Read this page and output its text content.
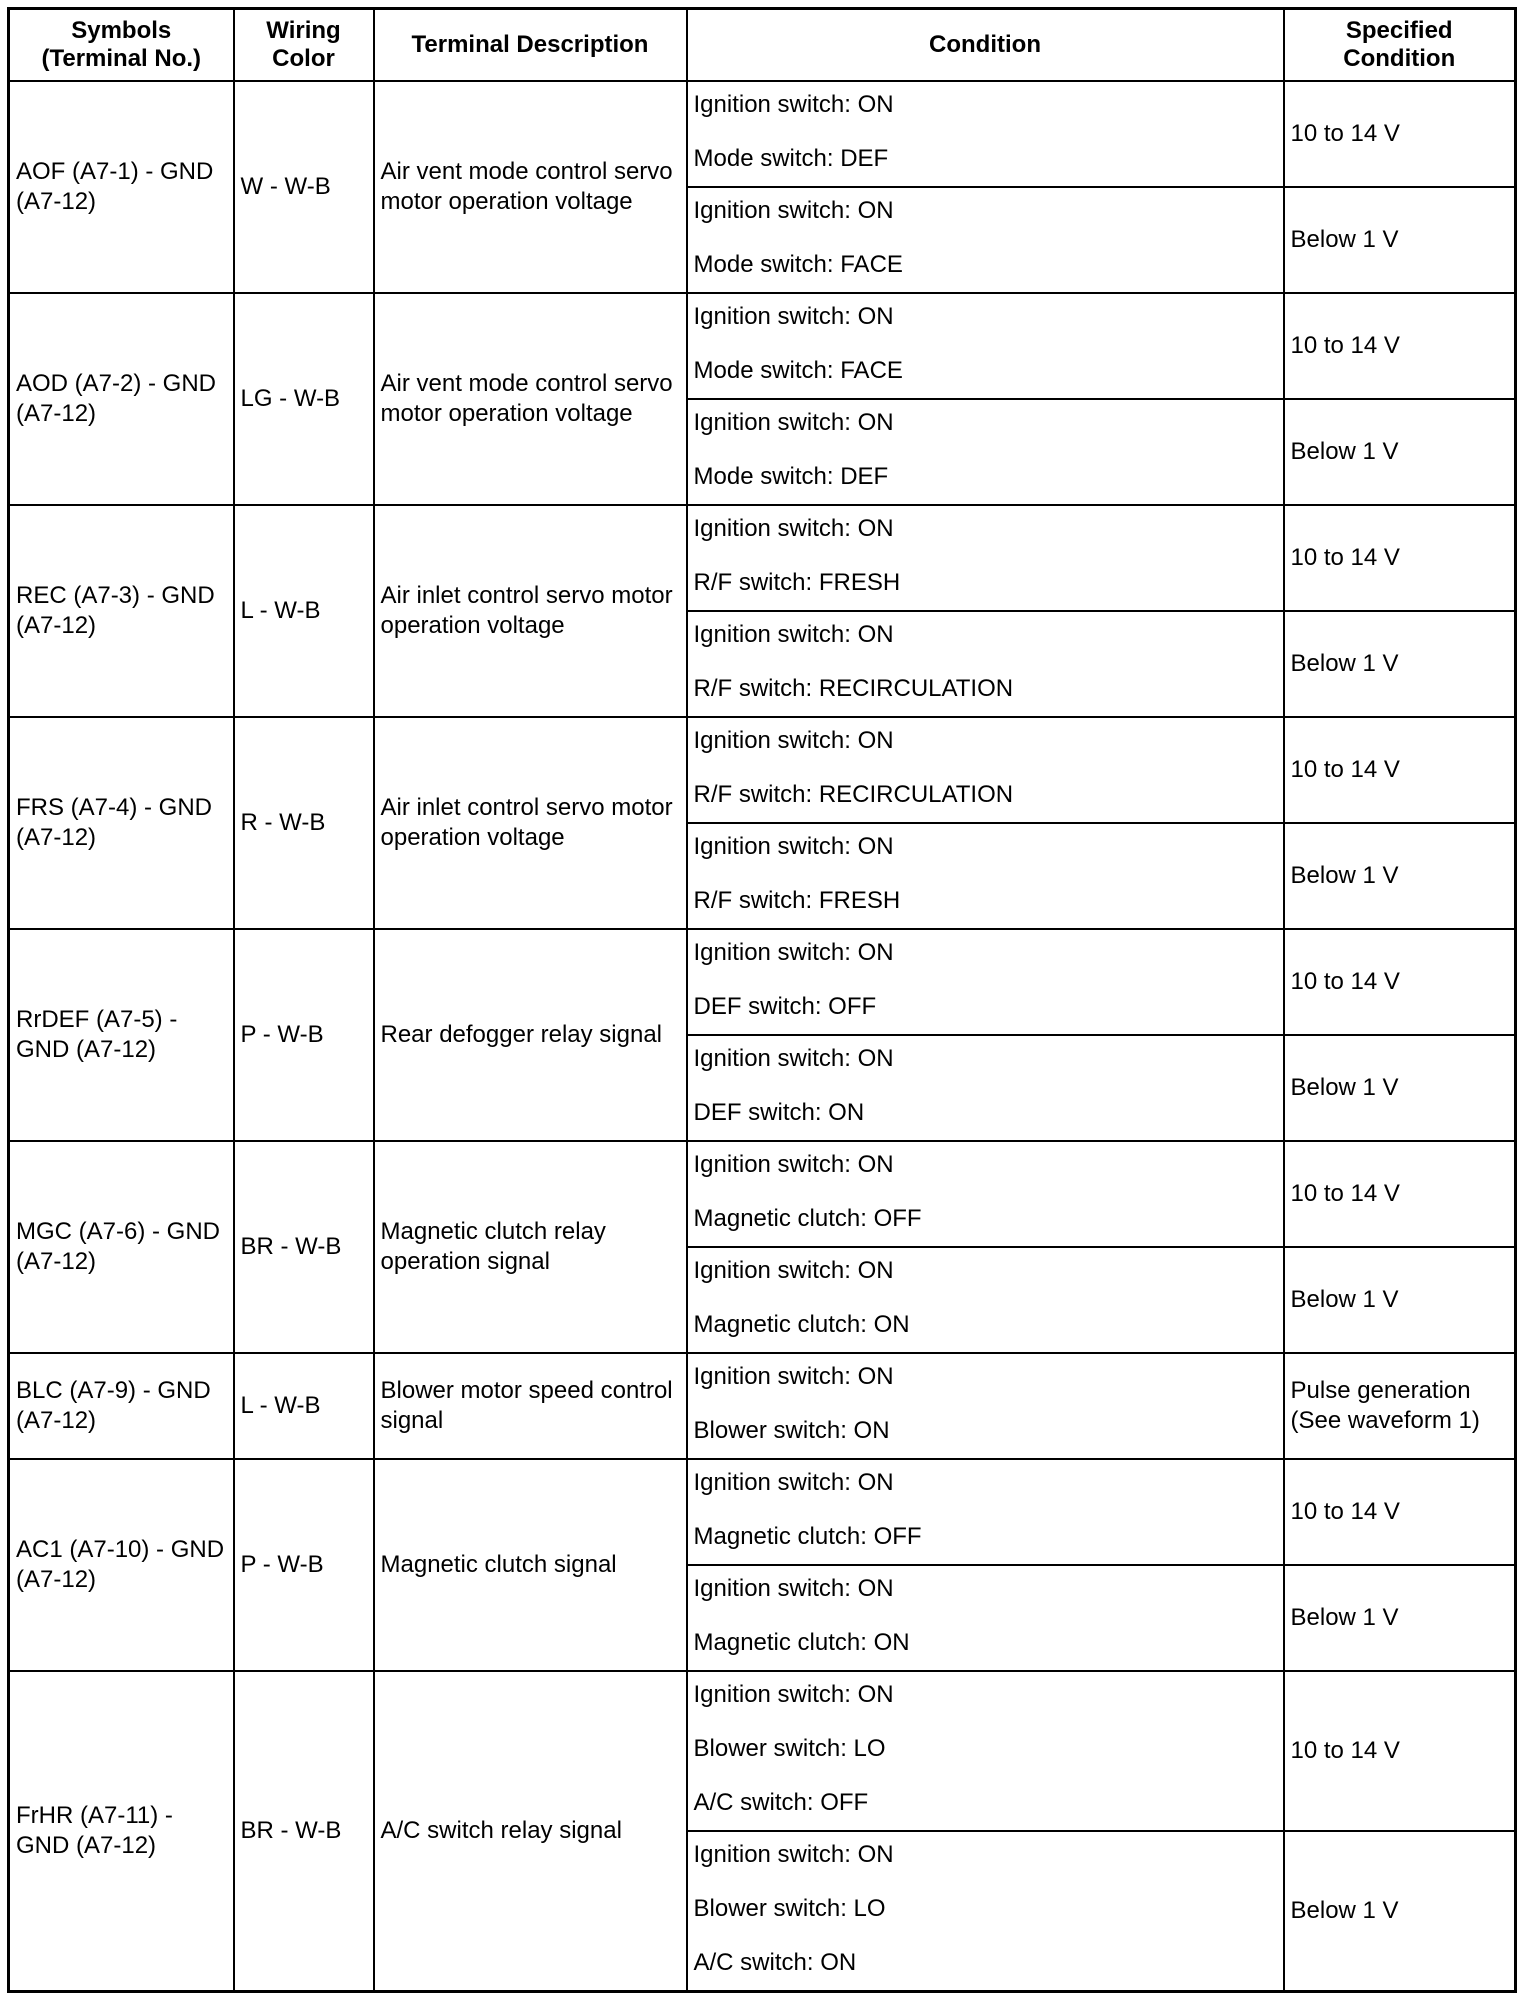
Symbols (Terminal No.)	Wiring Color	Terminal Description	Condition	Specified Condition
AOF (A7-1) - GND (A7-12)	W - W-B	Air vent mode control servo motor operation voltage	Ignition switch: ON
Mode switch: DEF	10 to 14 V

			Ignition switch: ON
Mode switch: FACE	Below 1 V
AOD (A7-2) - GND (A7-12)	LG - W-B	Air vent mode control servo motor operation voltage	Ignition switch: ON
Mode switch: FACE	10 to 14 V

			Ignition switch: ON
Mode switch: DEF	Below 1 V
REC (A7-3) - GND (A7-12)	L - W-B	Air inlet control servo motor operation voltage	Ignition switch: ON
R/F switch: FRESH	10 to 14 V

			Ignition switch: ON
R/F switch: RECIRCULATION	Below 1 V
FRS (A7-4) - GND (A7-12)	R - W-B	Air inlet control servo motor operation voltage	Ignition switch: ON
R/F switch: RECIRCULATION	10 to 14 V

			Ignition switch: ON
R/F switch: FRESH	Below 1 V
RrDEF (A7-5) - GND (A7-12)	P - W-B	Rear defogger relay signal	Ignition switch: ON
DEF switch: OFF	10 to 14 V

			Ignition switch: ON
DEF switch: ON	Below 1 V
MGC (A7-6) - GND (A7-12)	BR - W-B	Magnetic clutch relay operation signal	Ignition switch: ON
Magnetic clutch: OFF	10 to 14 V

			Ignition switch: ON
Magnetic clutch: ON	Below 1 V
BLC (A7-9) - GND (A7-12)	L - W-B	Blower motor speed control signal	Ignition switch: ON
Blower switch: ON	Pulse generation (See waveform 1)
AC1 (A7-10) - GND (A7-12)	P - W-B	Magnetic clutch signal	Ignition switch: ON
Magnetic clutch: OFF	10 to 14 V

			Ignition switch: ON
Magnetic clutch: ON	Below 1 V
FrHR (A7-11) - GND (A7-12)	BR - W-B	A/C switch relay signal	Ignition switch: ON
Blower switch: LO
A/C switch: OFF	10 to 14 V

			Ignition switch: ON
Blower switch: LO
A/C switch: ON	Below 1 V
